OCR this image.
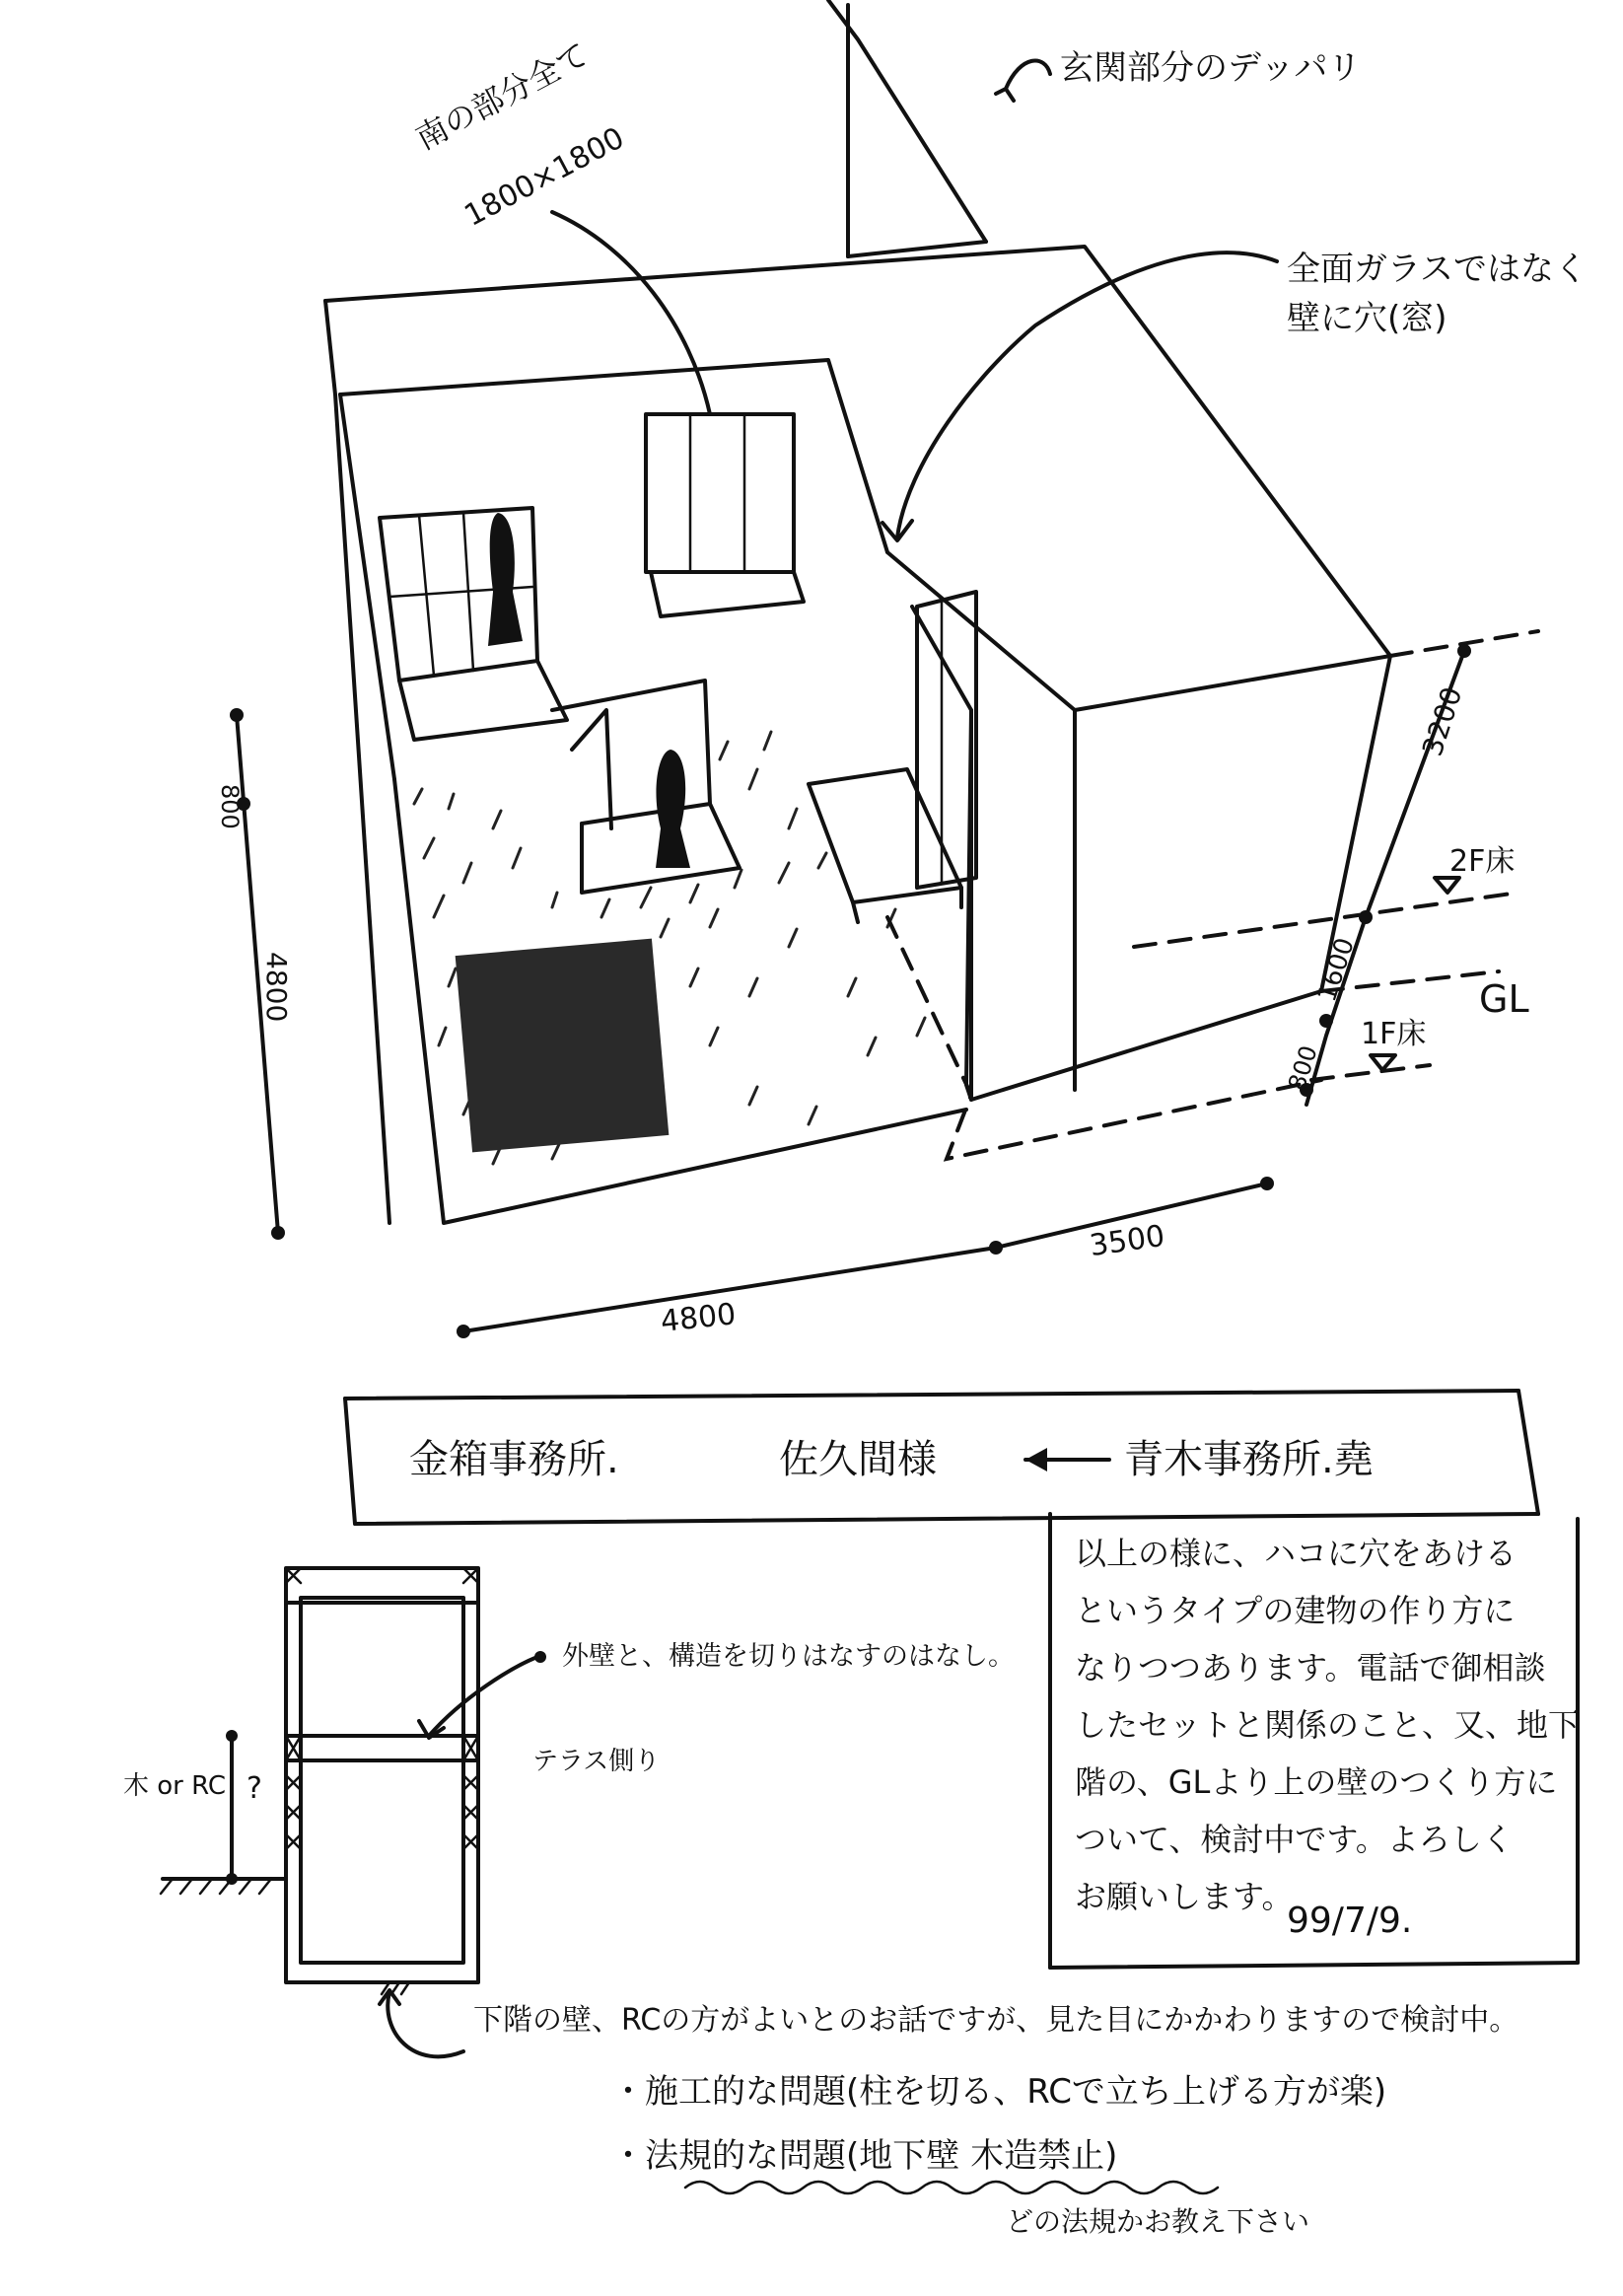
玄関部分のデッパリ
南の部分全て
1800×1800
全面ガラスではなく
壁に穴(窓)
3200
2F床
1600	GL
1F床
800
800
4800
4800
3500
金箱事務所.	佐久間様	青木事務所.堯
以上の様に、ハコに穴をあける
というタイプの建物の作り方に
なりつつあります。電話で御相談
したセットと関係のこと、又、地下
階の、GLより上の壁のつくり方に
ついて、検討中です。よろしく
お願いします。
99/7/9.
外壁と、構造を切りはなすのはなし。
テラス側り
木 or RC ?
下階の壁、RCの方がよいとのお話ですが、見た目にかかわりますので検討中。
・施工的な問題(柱を切る、RCで立ち上げる方が楽)
・法規的な問題(地下壁 木造禁止)
どの法規かお教え下さい
